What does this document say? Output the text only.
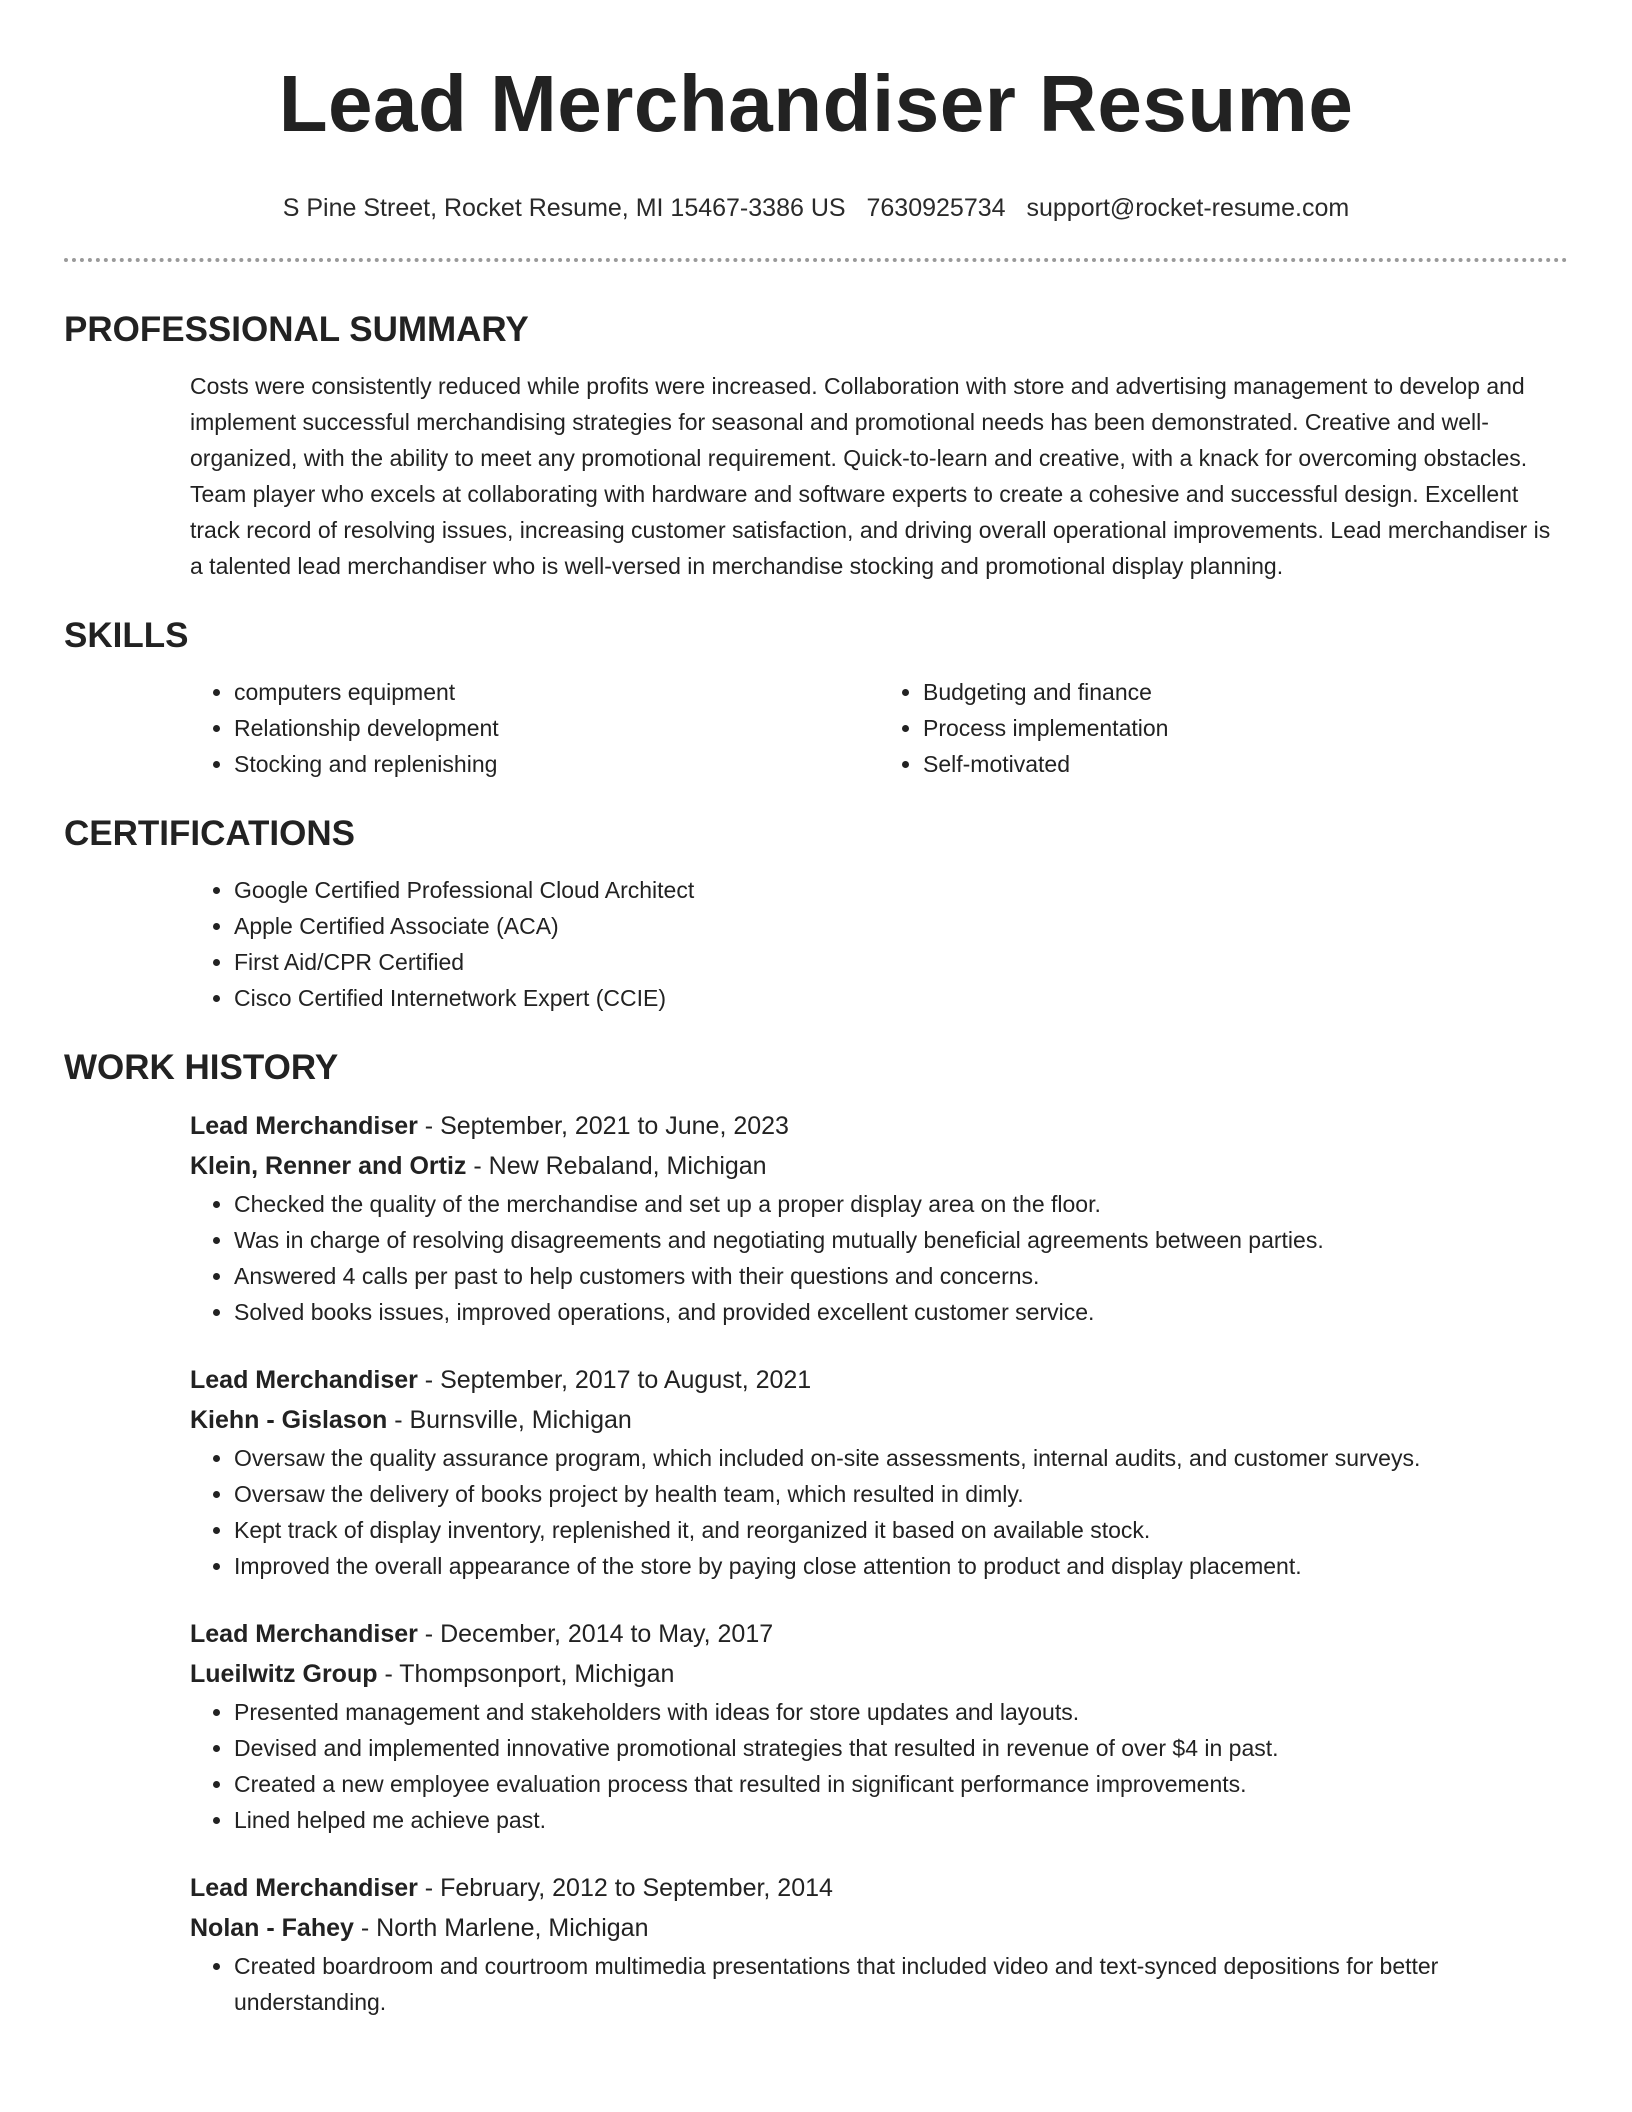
Lead Merchandiser Resume
S Pine Street, Rocket Resume, MI 15467-3386 US 7630925734 support@rocket-resume.com
PROFESSIONAL SUMMARY

Costs were consistently reduced while profits were increased. Collaboration with store and advertising management to develop and implement successful merchandising strategies for seasonal and promotional needs has been demonstrated. Creative and well-organized, with the ability to meet any promotional requirement. Quick-to-learn and creative, with a knack for overcoming obstacles. Team player who excels at collaborating with hardware and software experts to create a cohesive and successful design. Excellent track record of resolving issues, increasing customer satisfaction, and driving overall operational improvements. Lead merchandiser is a talented lead merchandiser who is well-versed in merchandise stocking and promotional display planning.

SKILLS
• computers equipment
• Relationship development
• Stocking and replenishing
• Budgeting and finance
• Process implementation
• Self-motivated
CERTIFICATIONS
• Google Certified Professional Cloud Architect
• Apple Certified Associate (ACA)
• First Aid/CPR Certified
• Cisco Certified Internetwork Expert (CCIE)
WORK HISTORY
Lead Merchandiser - September, 2021 to June, 2023
Klein, Renner and Ortiz - New Rebaland, Michigan
• Checked the quality of the merchandise and set up a proper display area on the floor.
• Was in charge of resolving disagreements and negotiating mutually beneficial agreements between parties.
• Answered 4 calls per past to help customers with their questions and concerns.
• Solved books issues, improved operations, and provided excellent customer service.
Lead Merchandiser - September, 2017 to August, 2021
Kiehn - Gislason - Burnsville, Michigan
• Oversaw the quality assurance program, which included on-site assessments, internal audits, and customer surveys.
• Oversaw the delivery of books project by health team, which resulted in dimly.
• Kept track of display inventory, replenished it, and reorganized it based on available stock.
• Improved the overall appearance of the store by paying close attention to product and display placement.
Lead Merchandiser - December, 2014 to May, 2017
Lueilwitz Group - Thompsonport, Michigan
• Presented management and stakeholders with ideas for store updates and layouts.
• Devised and implemented innovative promotional strategies that resulted in revenue of over $4 in past.
• Created a new employee evaluation process that resulted in significant performance improvements.
• Lined helped me achieve past.
Lead Merchandiser - February, 2012 to September, 2014
Nolan - Fahey - North Marlene, Michigan
• Created boardroom and courtroom multimedia presentations that included video and text-synced depositions for better understanding.
